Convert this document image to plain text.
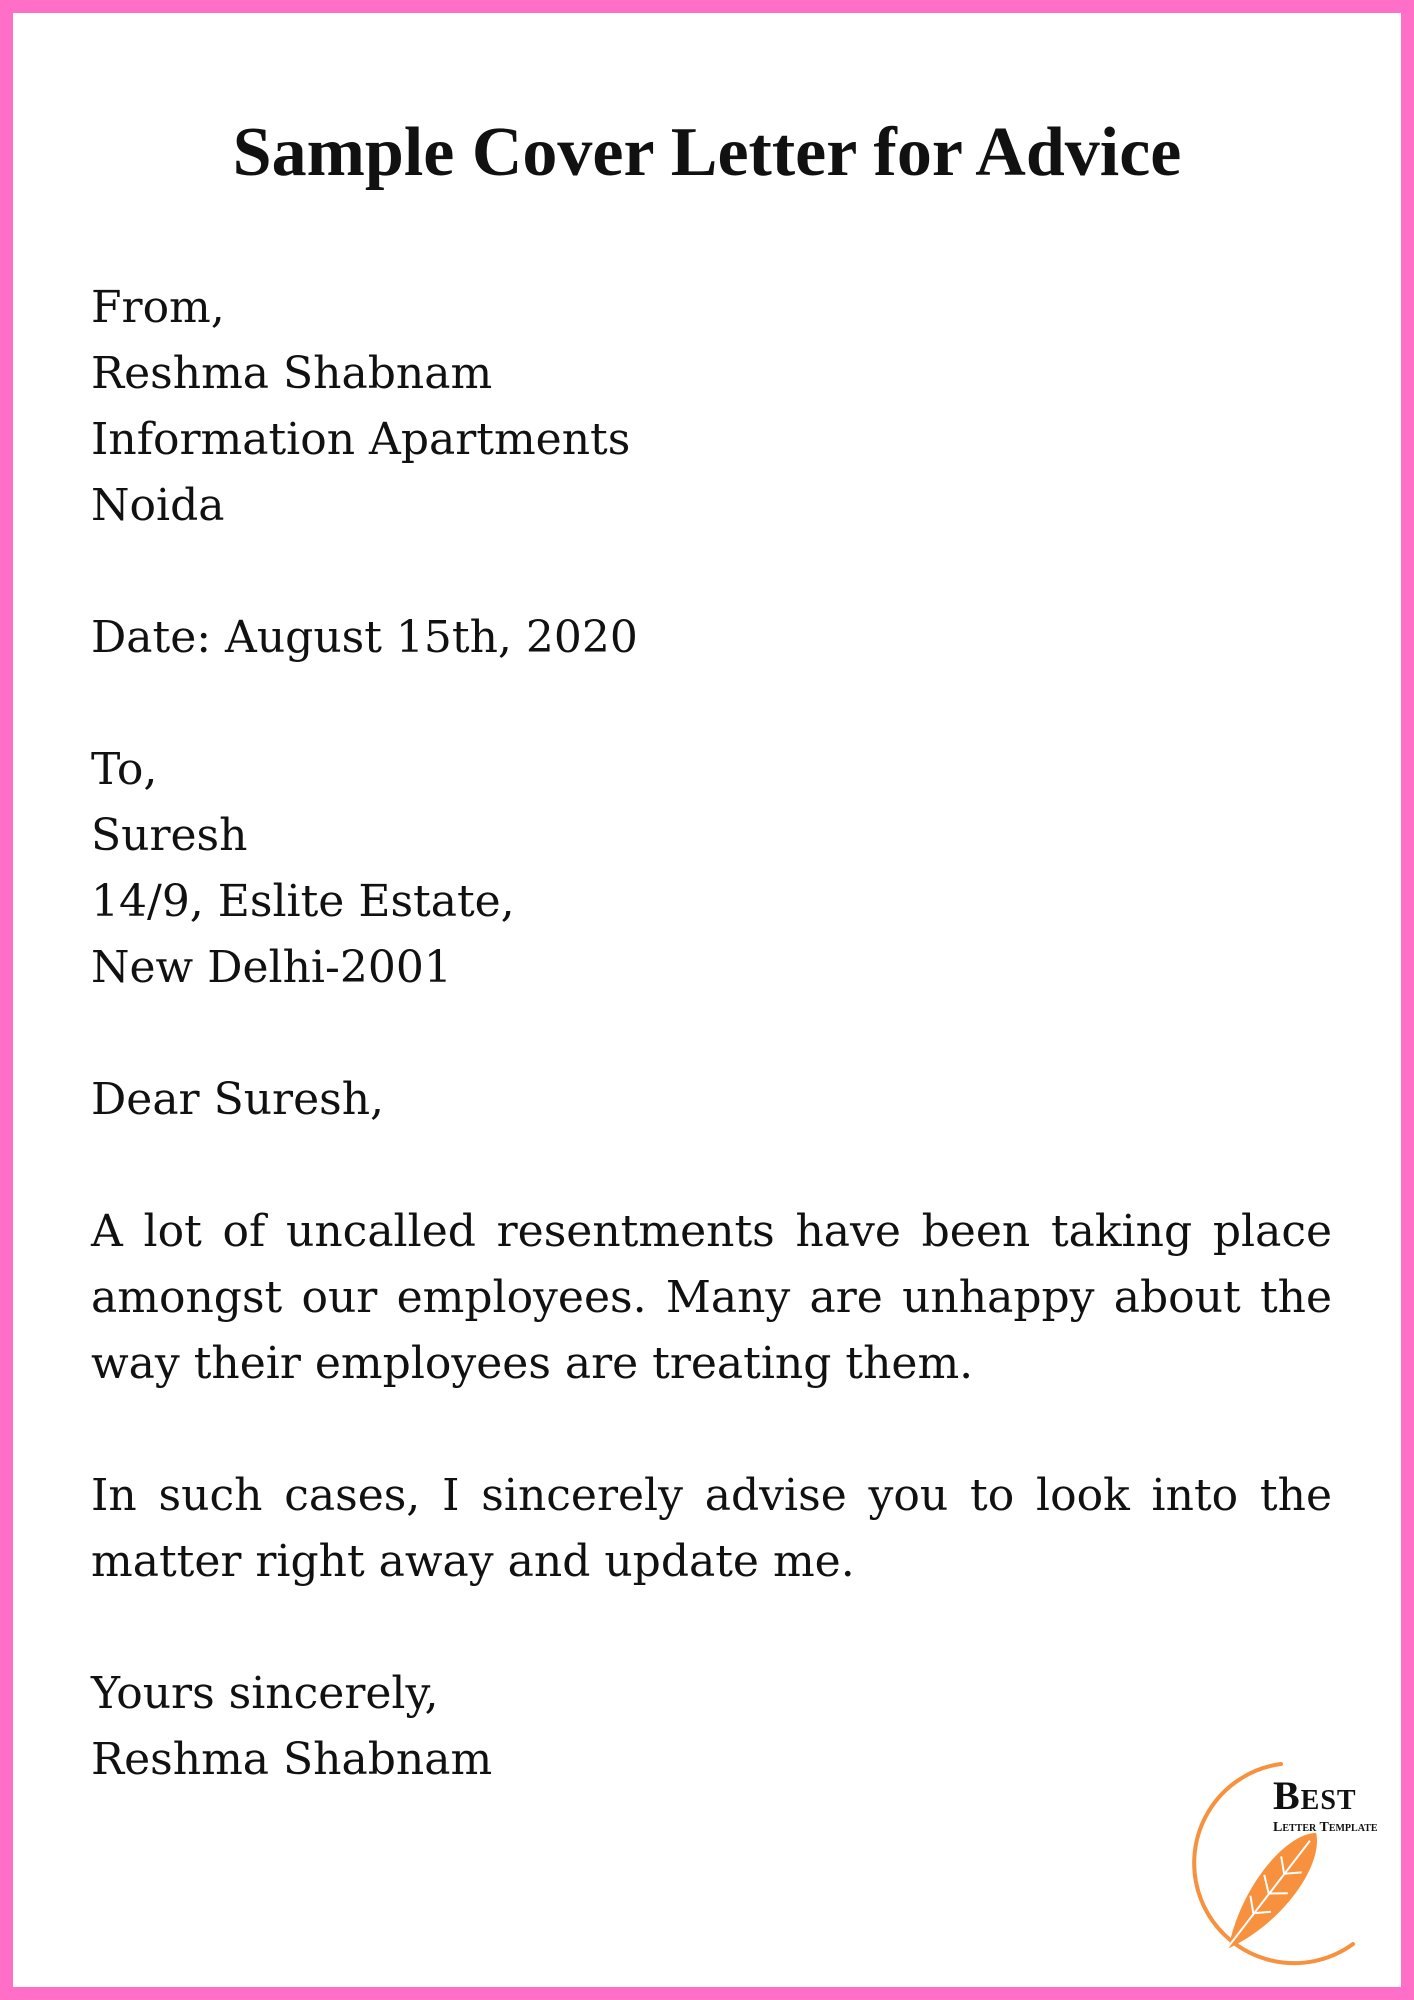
Sample Cover Letter for Advice
From,
Reshma Shabnam
Information Apartments
Noida
Date: August 15th, 2020
To,
Suresh
14/9, Eslite Estate,
New Delhi-2001
Dear Suresh,

A lot of uncalled resentments have been taking place amongst our employees. Many are unhappy about the way their employees are treating them.

In such cases, I sincerely advise you to look into the matter right away and update me.

Yours sincerely,
Reshma Shabnam
Best
Letter Template
